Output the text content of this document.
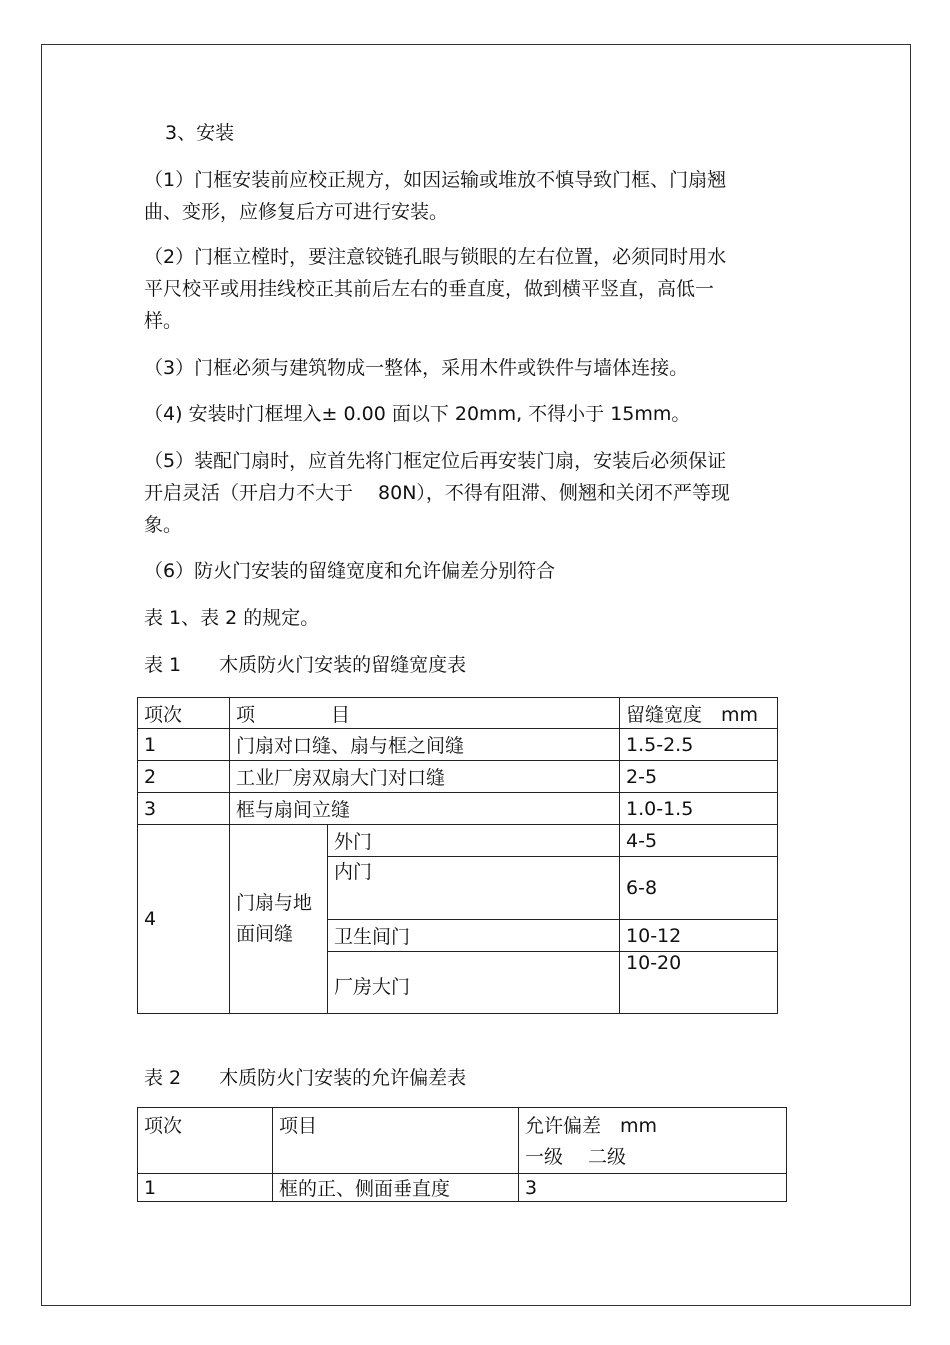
3、安装
（1）门框安装前应校正规方，如因运输或堆放不慎导致门框、门扇翘
曲、变形，应修复后方可进行安装。
（2）门框立樘时，要注意铰链孔眼与锁眼的左右位置，必须同时用水
平尺校平或用挂线校正其前后左右的垂直度，做到横平竖直，高低一
样。
（3）门框必须与建筑物成一整体，采用木件或铁件与墙体连接。
（4) 安装时门框埋入± 0.00 面以下 20mm, 不得小于 15mm。
（5）装配门扇时，应首先将门框定位后再安装门扇，安装后必须保证
开启灵活（开启力不大于　 80N），不得有阻滞、侧翘和关闭不严等现
象。
（6）防火门安装的留缝宽度和允许偏差分别符合
表 1、表 2 的规定。
表 1　　木质防火门安装的留缝宽度表
项次	项　　　　目		留缝宽度　mm
1	门扇对口缝、扇与框之间缝		1.5-2.5
2	工业厂房双扇大门对口缝		2-5
3	框与扇间立缝		1.0-1.5
4	门扇与地面间缝	外门	4-5
		内门	6-8
		卫生间门	10-12
		厂房大门	10-20
表 2　　木质防火门安装的允许偏差表
项次	项目	允许偏差　mm
一级　 二级

1	框的正、侧面垂直度	3
